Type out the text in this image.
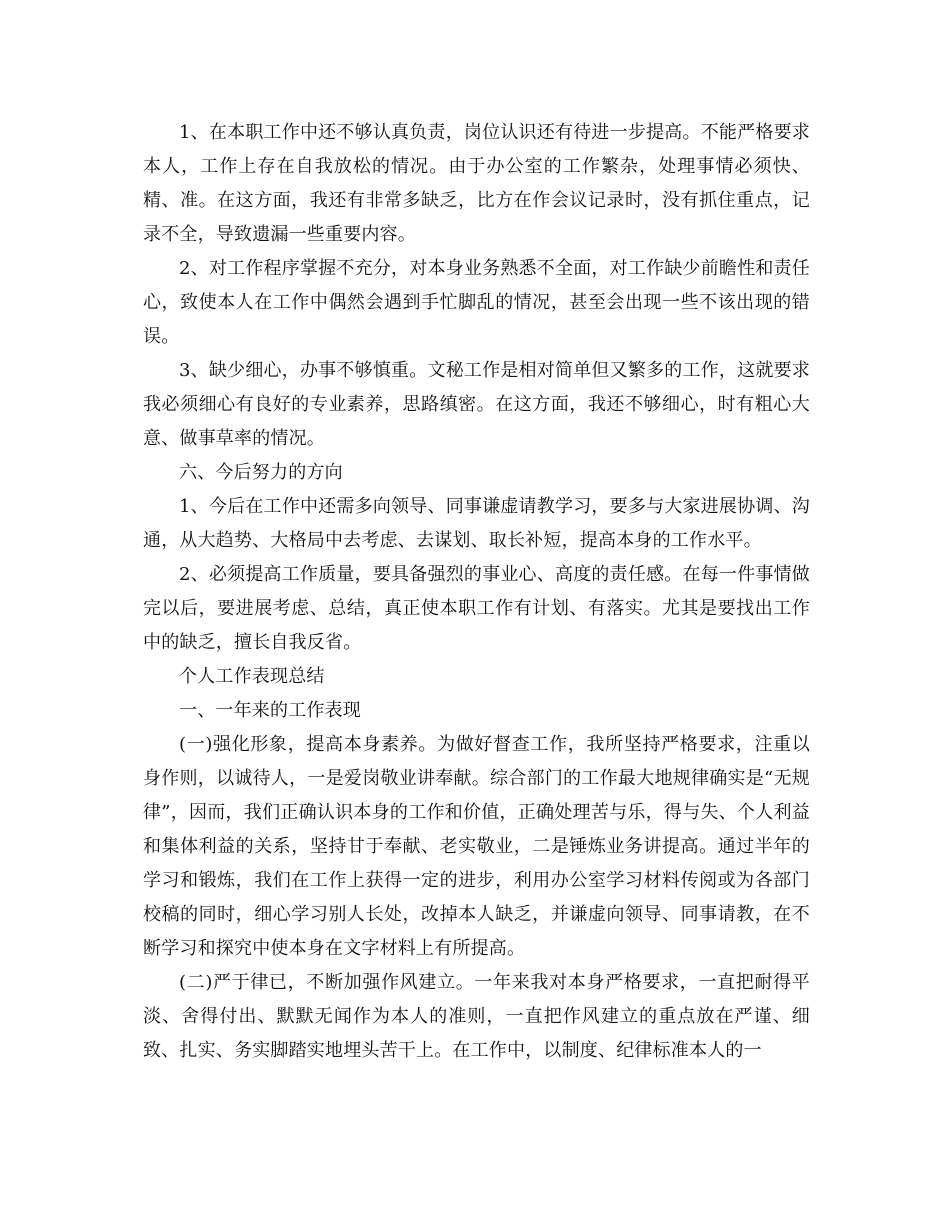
1、在本职工作中还不够认真负责，岗位认识还有待进一步提高。不能严格要求本人，工作上存在自我放松的情况。由于办公室的工作繁杂，处理事情必须快、精、准。在这方面，我还有非常多缺乏，比方在作会议记录时，没有抓住重点，记录不全，导致遗漏一些重要内容。

2、对工作程序掌握不充分，对本身业务熟悉不全面，对工作缺少前瞻性和责任心，致使本人在工作中偶然会遇到手忙脚乱的情况，甚至会出现一些不该出现的错误。

3、缺少细心，办事不够慎重。文秘工作是相对简单但又繁多的工作，这就要求我必须细心有良好的专业素养，思路缜密。在这方面，我还不够细心，时有粗心大意、做事草率的情况。

六、今后努力的方向

1、今后在工作中还需多向领导、同事谦虚请教学习，要多与大家进展协调、沟通，从大趋势、大格局中去考虑、去谋划、取长补短，提高本身的工作水平。

2、必须提高工作质量，要具备强烈的事业心、高度的责任感。在每一件事情做完以后，要进展考虑、总结，真正使本职工作有计划、有落实。尤其是要找出工作中的缺乏，擅长自我反省。

个人工作表现总结

一、一年来的工作表现

(一)强化形象，提高本身素养。为做好督查工作，我所坚持严格要求，注重以身作则，以诚待人，一是爱岗敬业讲奉献。综合部门的工作最大地规律确实是“无规律”，因而，我们正确认识本身的工作和价值，正确处理苦与乐，得与失、个人利益和集体利益的关系，坚持甘于奉献、老实敬业，二是锤炼业务讲提高。通过半年的学习和锻炼，我们在工作上获得一定的进步，利用办公室学习材料传阅或为各部门校稿的同时，细心学习别人长处，改掉本人缺乏，并谦虚向领导、同事请教，在不断学习和探究中使本身在文字材料上有所提高。

(二)严于律已，不断加强作风建立。一年来我对本身严格要求，一直把耐得平淡、舍得付出、默默无闻作为本人的准则，一直把作风建立的重点放在严谨、细致、扎实、务实脚踏实地埋头苦干上。在工作中，以制度、纪律标准本人的一
